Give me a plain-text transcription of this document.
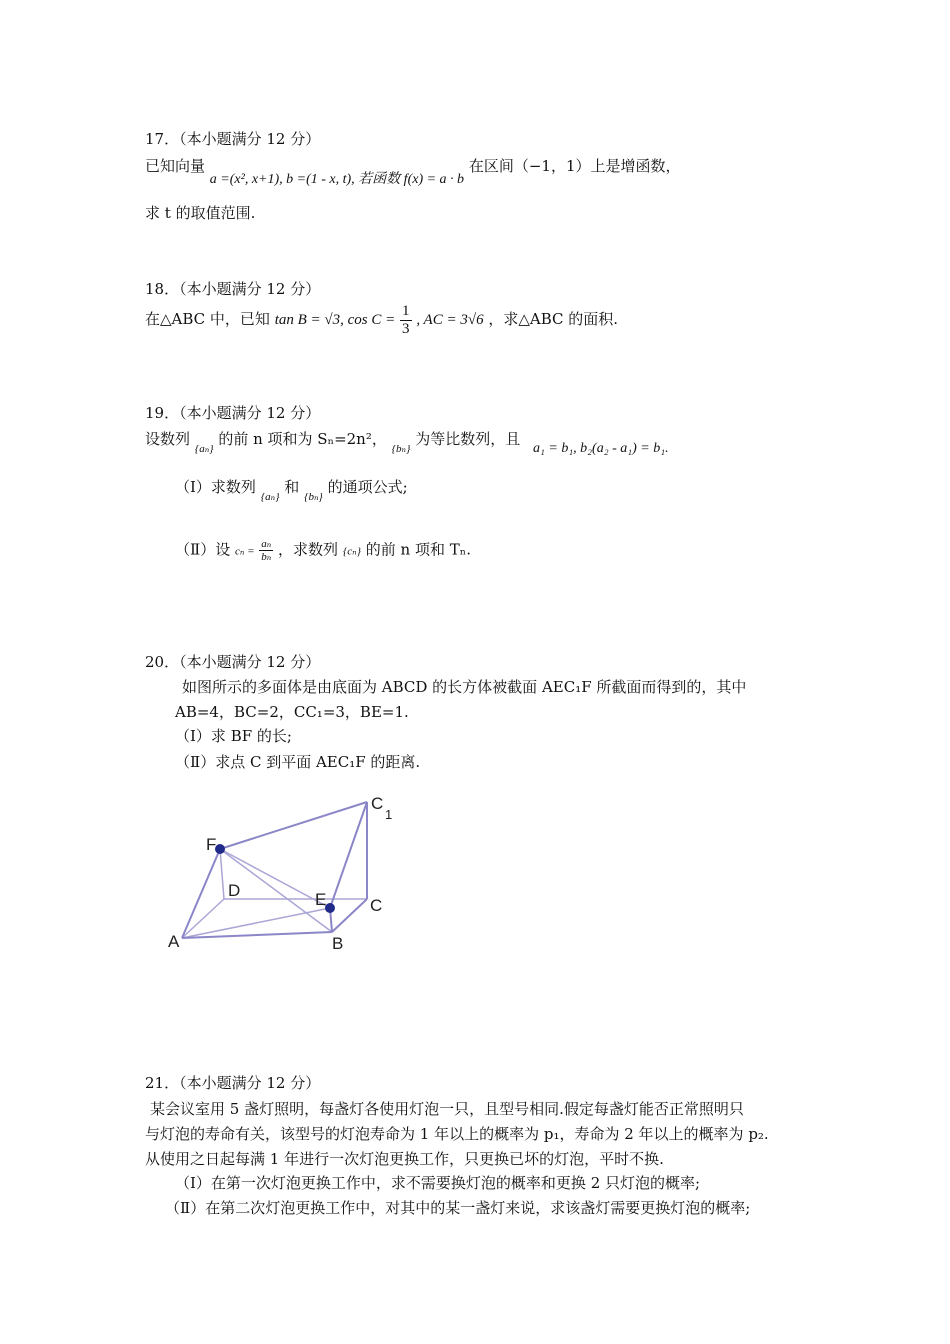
17．（本小题满分 12 分）
已知向量 a =(x², x+1), b =(1 - x, t), 若函数 f(x) = a · b 在区间（−1，1）上是增函数，
求 t 的取值范围.
18．（本小题满分 12 分）
在△ABC 中，已知 tan B = √3, $\cos C = \frac{1}{3}$ , AC = 3√6 ，求△ABC 的面积.
19．（本小题满分 12 分）
设数列 $_{\{a_n\}}$ 的前 n 项和为 Sₙ=2n²， $_{\{b_n\}}$ 为等比数列，且 a₁ = b₁, b₂(a₂ - a₁) = b₁.
（Ⅰ）求数列 $_{\{a_n\}}$ 和 $_{\{b_n\}}$ 的通项公式;
（Ⅱ）设 $c_n = \frac{\text{aₙ}}{\text{bₙ}}$ ，求数列 {cₙ} 的前 n 项和 Tₙ.
20．（本小题满分 12 分）
如图所示的多面体是由底面为 ABCD 的长方体被截面 AEC₁F 所截面而得到的，其中
AB=4，BC=2，CC₁=3，BE=1.
（Ⅰ）求 BF 的长;
（Ⅱ）求点 C 到平面 AEC₁F 的距离.
F
D	E	C
A	B
C
1
21．（本小题满分 12 分）
某会议室用 5 盏灯照明，每盏灯各使用灯泡一只，且型号相同.假定每盏灯能否正常照明只
与灯泡的寿命有关，该型号的灯泡寿命为 1 年以上的概率为 p₁，寿命为 2 年以上的概率为 p₂.
从使用之日起每满 1 年进行一次灯泡更换工作，只更换已坏的灯泡，平时不换.
（Ⅰ）在第一次灯泡更换工作中，求不需要换灯泡的概率和更换 2 只灯泡的概率;
（Ⅱ）在第二次灯泡更换工作中，对其中的某一盏灯来说，求该盏灯需要更换灯泡的概率;
